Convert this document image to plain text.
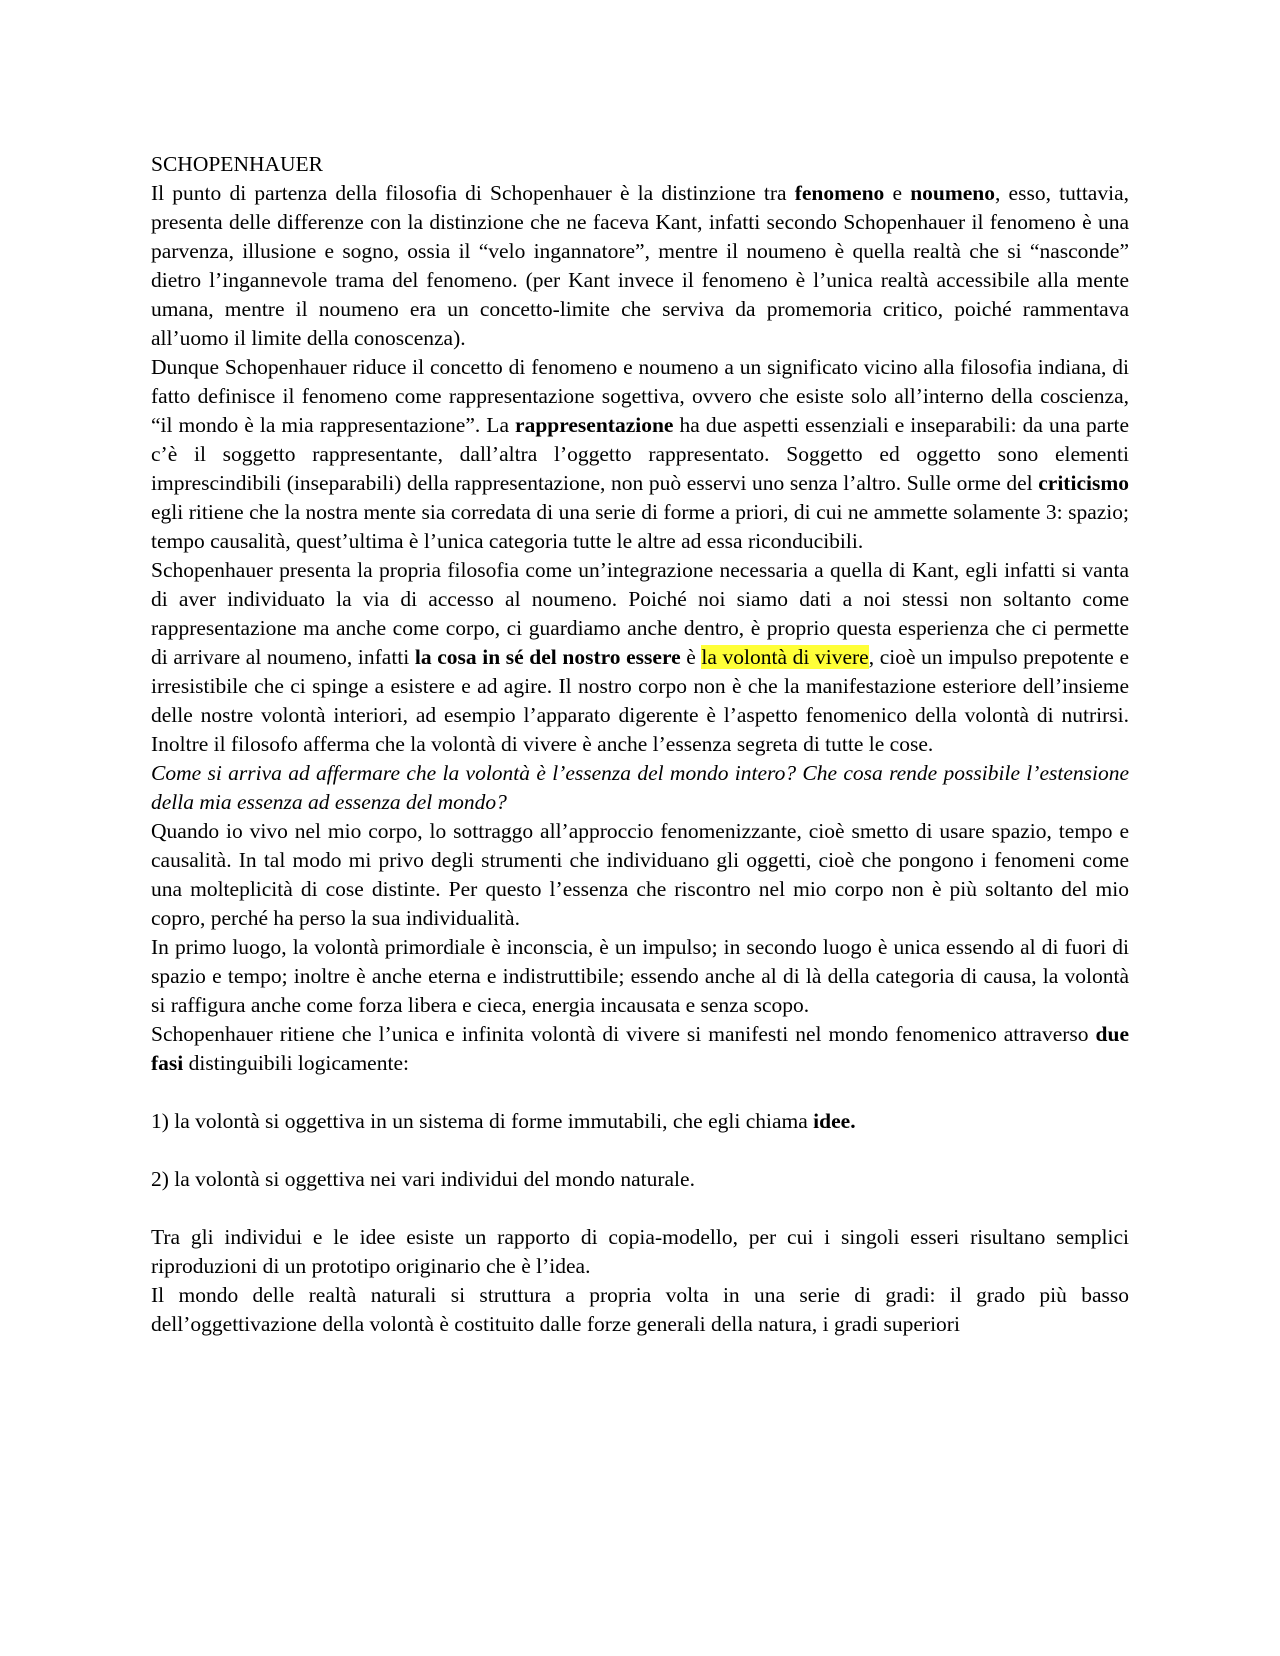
SCHOPENHAUER

Il punto di partenza della filosofia di Schopenhauer è la distinzione tra fenomeno e noumeno, esso, tuttavia, presenta delle differenze con la distinzione che ne faceva Kant, infatti secondo Schopenhauer il fenomeno è una parvenza, illusione e sogno, ossia il “velo ingannatore”, mentre il noumeno è quella realtà che si “nasconde” dietro l’ingannevole trama del fenomeno. (per Kant invece il fenomeno è l’unica realtà accessibile alla mente umana, mentre il noumeno era un concetto-limite che serviva da promemoria critico, poiché rammentava all’uomo il limite della conoscenza).

Dunque Schopenhauer riduce il concetto di fenomeno e noumeno a un significato vicino alla filosofia indiana, di fatto definisce il fenomeno come rappresentazione sogettiva, ovvero che esiste solo all’interno della coscienza, “il mondo è la mia rappresentazione”. La rappresentazione ha due aspetti essenziali e inseparabili: da una parte c’è il soggetto rappresentante, dall’altra l’oggetto rappresentato. Soggetto ed oggetto sono elementi imprescindibili (inseparabili) della rappresentazione, non può esservi uno senza l’altro. Sulle orme del criticismo egli ritiene che la nostra mente sia corredata di una serie di forme a priori, di cui ne ammette solamente 3: spazio; tempo causalità, quest’ultima è l’unica categoria tutte le altre ad essa riconducibili.

Schopenhauer presenta la propria filosofia come un’integrazione necessaria a quella di Kant, egli infatti si vanta di aver individuato la via di accesso al noumeno. Poiché noi siamo dati a noi stessi non soltanto come rappresentazione ma anche come corpo, ci guardiamo anche dentro, è proprio questa esperienza che ci permette di arrivare al noumeno, infatti la cosa in sé del nostro essere è la volontà di vivere, cioè un impulso prepotente e irresistibile che ci spinge a esistere e ad agire. Il nostro corpo non è che la manifestazione esteriore dell’insieme delle nostre volontà interiori, ad esempio l’apparato digerente è l’aspetto fenomenico della volontà di nutrirsi. Inoltre il filosofo afferma che la volontà di vivere è anche l’essenza segreta di tutte le cose.

Come si arriva ad affermare che la volontà è l’essenza del mondo intero? Che cosa rende possibile l’estensione della mia essenza ad essenza del mondo?

Quando io vivo nel mio corpo, lo sottraggo all’approccio fenomenizzante, cioè smetto di usare spazio, tempo e causalità. In tal modo mi privo degli strumenti che individuano gli oggetti, cioè che pongono i fenomeni come una molteplicità di cose distinte. Per questo l’essenza che riscontro nel mio corpo non è più soltanto del mio copro, perché ha perso la sua individualità.

In primo luogo, la volontà primordiale è inconscia, è un impulso; in secondo luogo è unica essendo al di fuori di spazio e tempo; inoltre è anche eterna e indistruttibile; essendo anche al di là della categoria di causa, la volontà si raffigura anche come forza libera e cieca, energia incausata e senza scopo.

Schopenhauer ritiene che l’unica e infinita volontà di vivere si manifesti nel mondo fenomenico attraverso due fasi distinguibili logicamente:

1) la volontà si oggettiva in un sistema di forme immutabili, che egli chiama idee.

2) la volontà si oggettiva nei vari individui del mondo naturale.

Tra gli individui e le idee esiste un rapporto di copia-modello, per cui i singoli esseri risultano semplici riproduzioni di un prototipo originario che è l’idea.

Il mondo delle realtà naturali si struttura a propria volta in una serie di gradi: il grado più basso dell’oggettivazione della volontà è costituito dalle forze generali della natura, i gradi superiori
